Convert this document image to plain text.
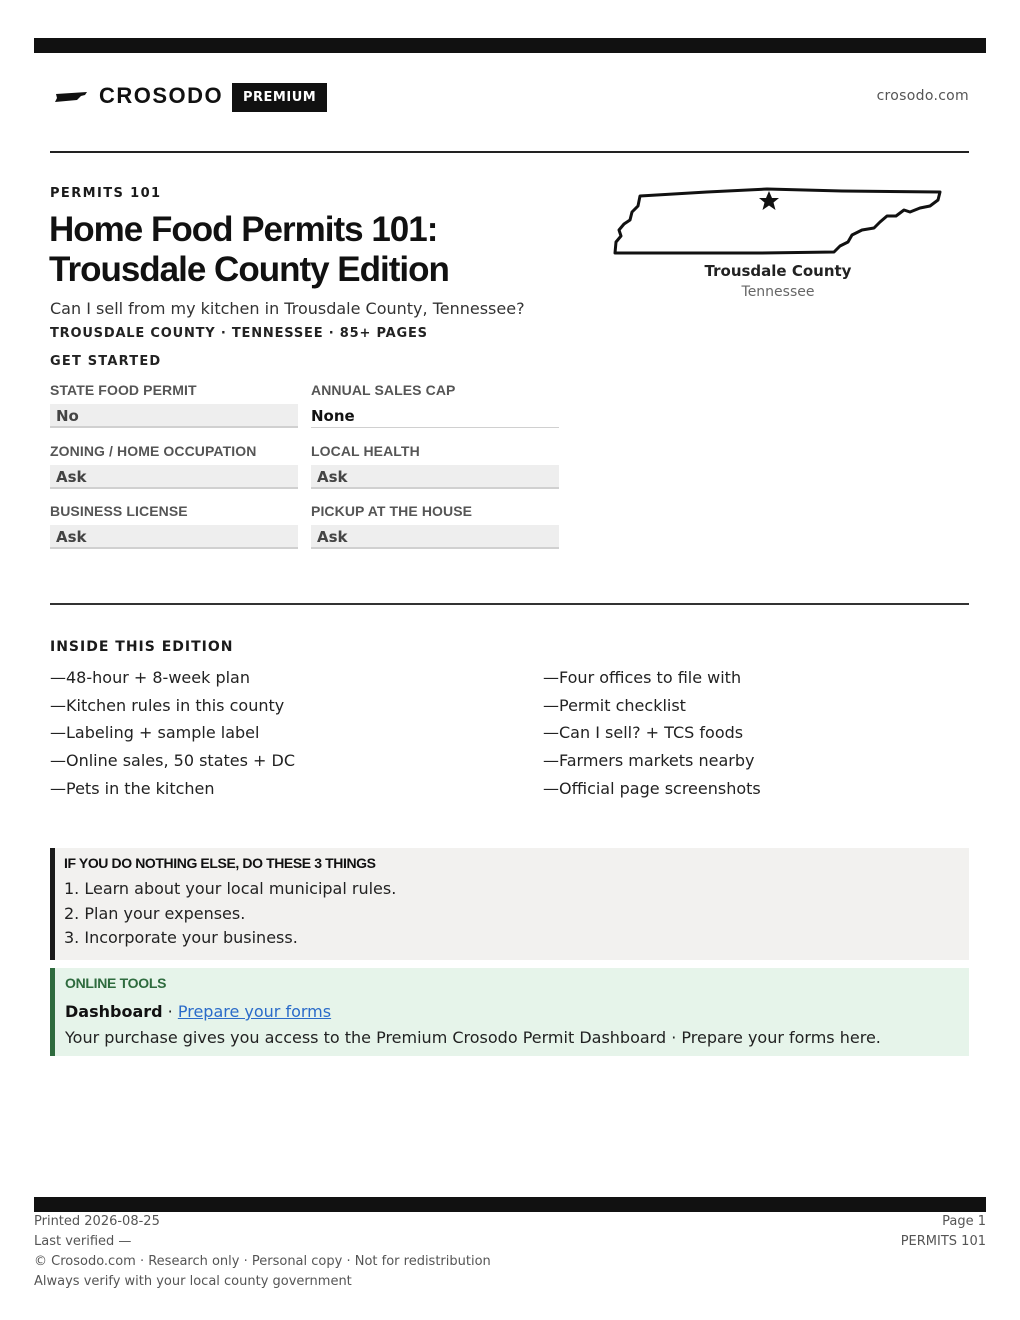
CROSODO	PREMIUM	crosodo.com
PERMITS 101
Home Food Permits 101:
Trousdale County Edition
Can I sell from my kitchen in Trousdale County, Tennessee?
TROUSDALE COUNTY · TENNESSEE · 85+ PAGES
GET STARTED
STATE FOOD PERMIT
No
ANNUAL SALES CAP
None
ZONING / HOME OCCUPATION
Ask
LOCAL HEALTH
Ask
BUSINESS LICENSE
Ask
PICKUP AT THE HOUSE
Ask
Trousdale County
Tennessee
INSIDE THIS EDITION
—48-hour + 8-week plan
—Kitchen rules in this county
—Labeling + sample label
—Online sales, 50 states + DC
—Pets in the kitchen
—Four offices to file with
—Permit checklist
—Can I sell? + TCS foods
—Farmers markets nearby
—Official page screenshots
IF YOU DO NOTHING ELSE, DO THESE 3 THINGS
1. Learn about your local municipal rules.
2. Plan your expenses.
3. Incorporate your business.
ONLINE TOOLS
Dashboard · Prepare your forms
Your purchase gives you access to the Premium Crosodo Permit Dashboard · Prepare your forms here.
Printed 2026-08-25
Last verified —
© Crosodo.com · Research only · Personal copy · Not for redistribution
Always verify with your local county government
Page 1
PERMITS 101
